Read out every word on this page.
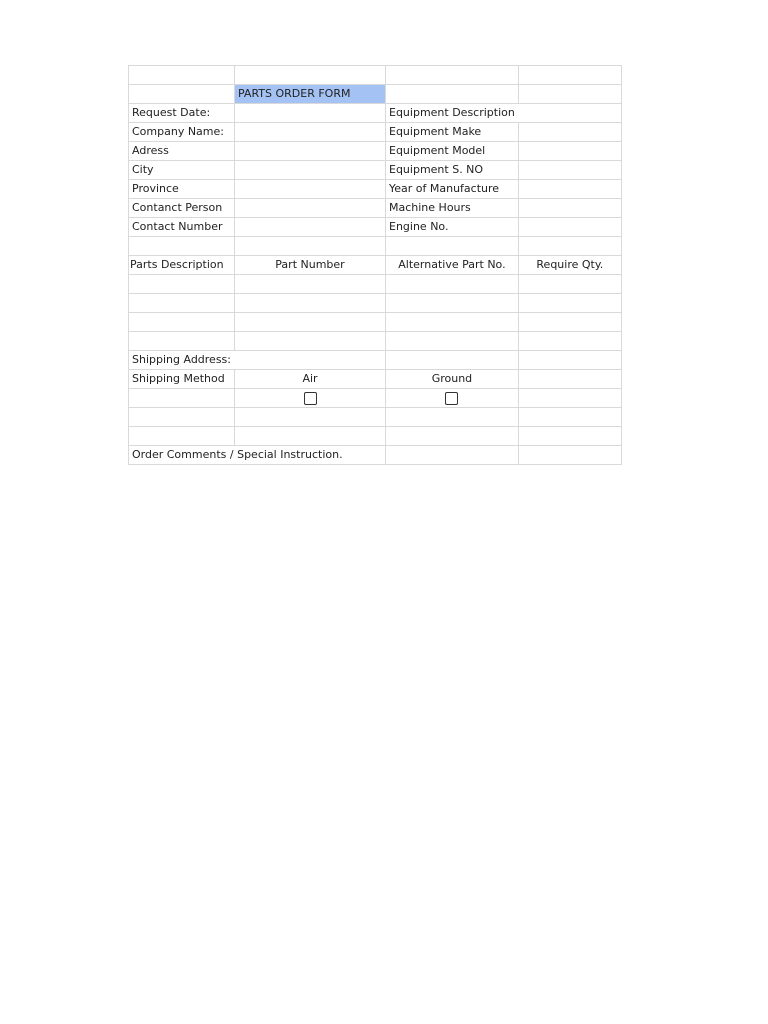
	PARTS ORDER FORM		
Request Date:		Equipment Description	
Company Name:		Equipment Make	
Adress		Equipment Model	
City		Equipment S. NO	
Province		Year of Manufacture	
Contanct Person		Machine Hours	
Contact Number		Engine No.	

Parts Description	Part Number	Alternative Part No.	Require Qty.

Shipping Address:			
Shipping Method	Air	Ground	

Order Comments / Special Instruction.			
